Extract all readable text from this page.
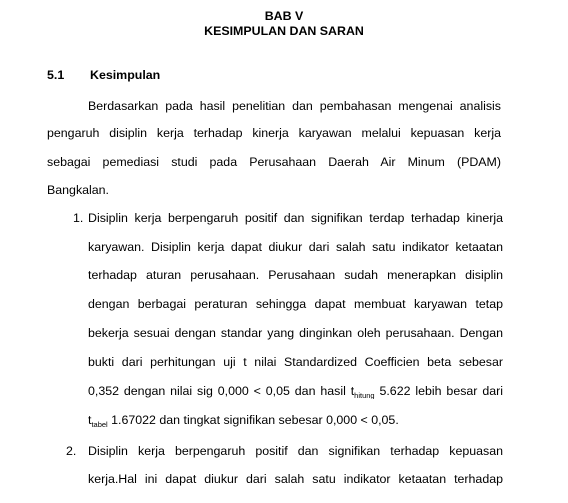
BAB V
KESIMPULAN DAN SARAN
5.1 Kesimpulan
Berdasarkan pada hasil penelitian dan pembahasan mengenai analisis
pengaruh disiplin kerja terhadap kinerja karyawan melalui kepuasan kerja
sebagai pemediasi studi pada Perusahaan Daerah Air Minum (PDAM)
Bangkalan.
1. Disiplin kerja berpengaruh positif dan signifikan terdap terhadap kinerja
karyawan. Disiplin kerja dapat diukur dari salah satu indikator ketaatan
terhadap aturan perusahaan. Perusahaan sudah menerapkan disiplin
dengan berbagai peraturan sehingga dapat membuat karyawan tetap
bekerja sesuai dengan standar yang dinginkan oleh perusahaan. Dengan
bukti dari perhitungan uji t nilai Standardized Coefficien beta sebesar
0,352 dengan nilai sig 0,000 < 0,05 dan hasil $t_{hitung}$ 5.622 lebih besar dari
$t_{tabel}$ 1.67022 dan tingkat signifikan sebesar 0,000 < 0,05.
2. Disiplin kerja berpengaruh positif dan signifikan terhadap kepuasan
kerja.Hal ini dapat diukur dari salah satu indikator ketaatan terhadap
